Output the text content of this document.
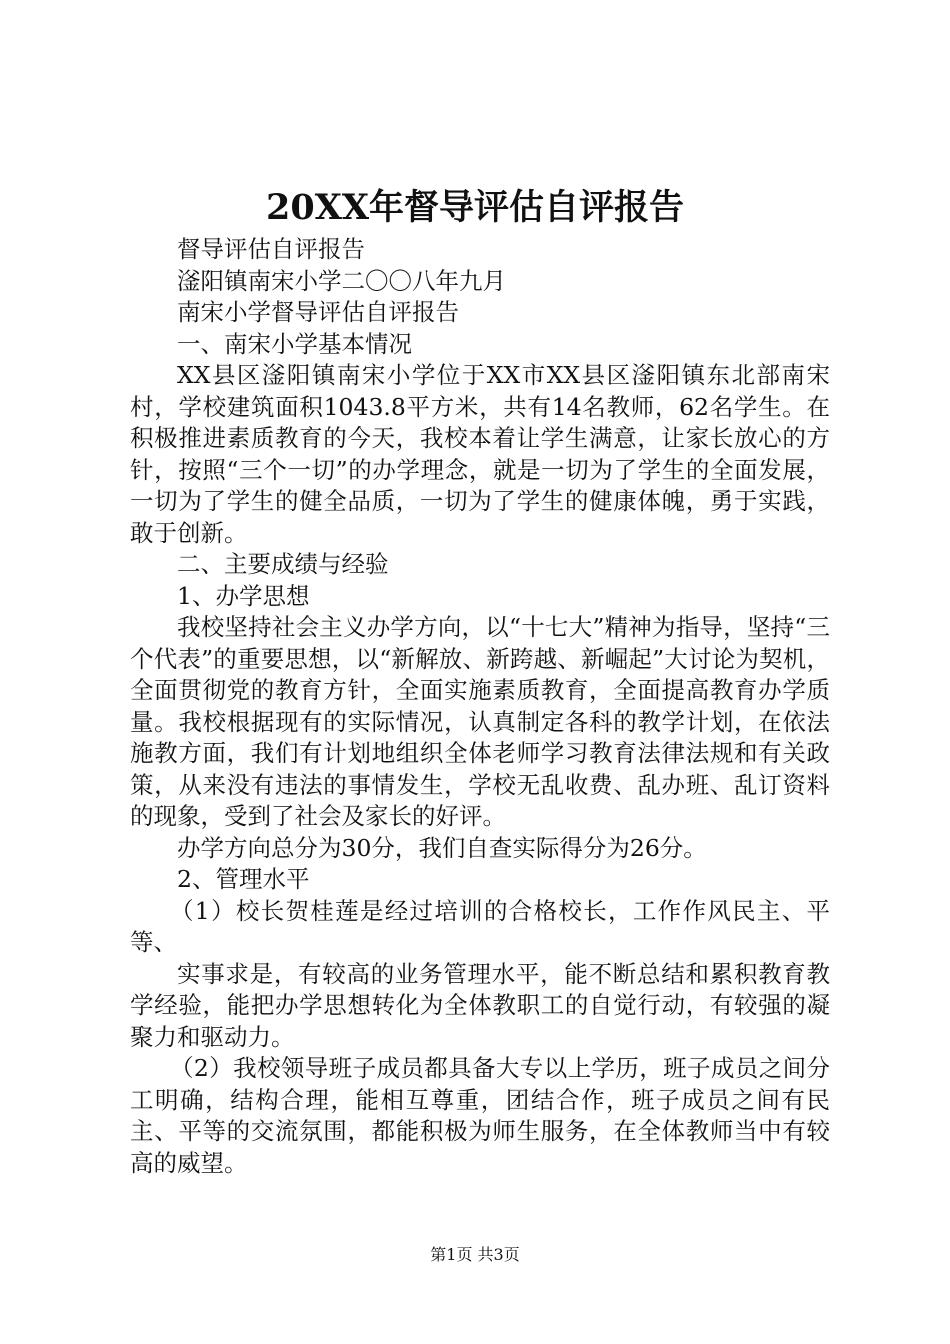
20XX年督导评估自评报告

督导评估自评报告

滏阳镇南宋小学二〇〇八年九月

南宋小学督导评估自评报告

一、南宋小学基本情况

XX县区滏阳镇南宋小学位于XX市XX县区滏阳镇东北部南宋村，学校建筑面积1043.8平方米，共有14名教师，62名学生。在积极推进素质教育的今天，我校本着让学生满意，让家长放心的方针，按照“三个一切”的办学理念，就是一切为了学生的全面发展，一切为了学生的健全品质，一切为了学生的健康体魄，勇于实践，敢于创新。

二、主要成绩与经验

1、办学思想

我校坚持社会主义办学方向，以“十七大”精神为指导，坚持“三个代表”的重要思想，以“新解放、新跨越、新崛起”大讨论为契机，全面贯彻党的教育方针，全面实施素质教育，全面提高教育办学质量。我校根据现有的实际情况，认真制定各科的教学计划，在依法施教方面，我们有计划地组织全体老师学习教育法律法规和有关政策，从来没有违法的事情发生，学校无乱收费、乱办班、乱订资料的现象，受到了社会及家长的好评。

办学方向总分为30分，我们自查实际得分为26分。

2、管理水平

（1）校长贺桂莲是经过培训的合格校长，工作作风民主、平等、

实事求是，有较高的业务管理水平，能不断总结和累积教育教学经验，能把办学思想转化为全体教职工的自觉行动，有较强的凝聚力和驱动力。

（2）我校领导班子成员都具备大专以上学历，班子成员之间分工明确，结构合理，能相互尊重，团结合作，班子成员之间有民主、平等的交流氛围，都能积极为师生服务，在全体教师当中有较高的威望。

第1页 共3页
